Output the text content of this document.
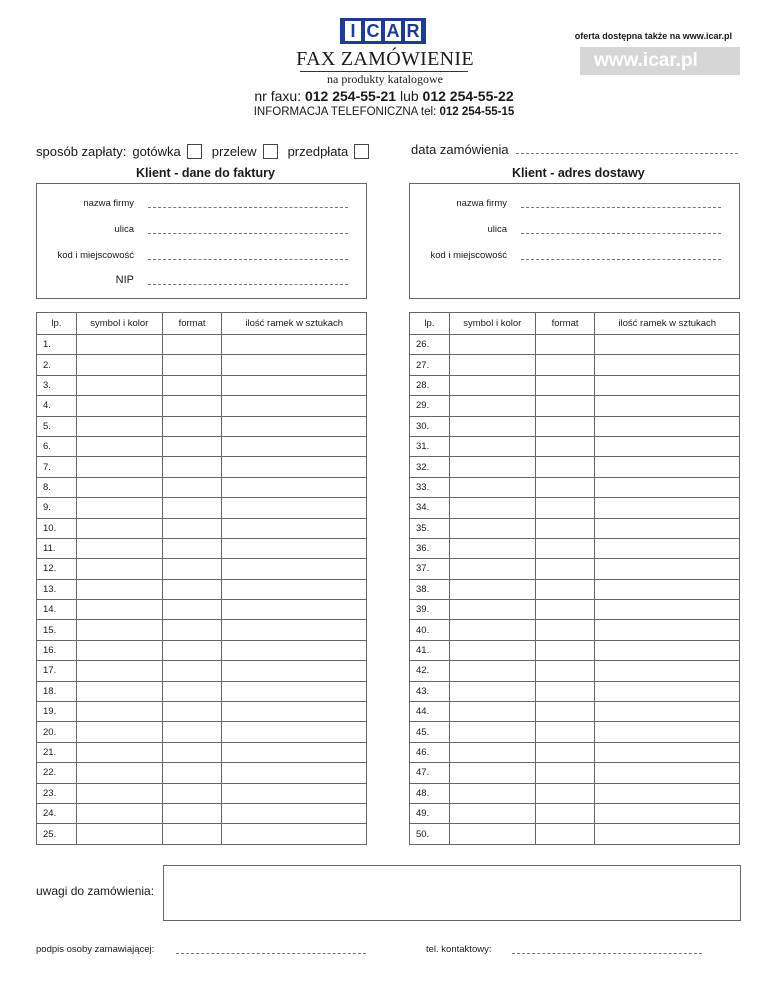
I C A R
FAX ZAMÓWIENIE
na produkty katalogowe
oferta dostępna także na www.icar.pl
www.icar.pl
nr faxu: 012 254-55-21 lub 012 254-55-22
INFORMACJA TELEFONICZNA tel: 012 254-55-15
sposób zapłaty: gotówka przelew przedpłata	data zamówienia
Klient - dane do faktury
nazwa firmy
ulica
kod i miejscowość
NIP
Klient - adres dostawy
nazwa firmy
ulica
kod i miejscowość
lp.	symbol i kolor	format	ilość ramek w sztukach
1.			
2.			
3.			
4.			
5.			
6.			
7.			
8.			
9.			
10.			
11.			
12.			
13.			
14.			
15.			
16.			
17.			
18.			
19.			
20.			
21.			
22.			
23.			
24.			
25.			
lp.	symbol i kolor	format	ilość ramek w sztukach
26.			
27.			
28.			
29.			
30.			
31.			
32.			
33.			
34.			
35.			
36.			
37.			
38.			
39.			
40.			
41.			
42.			
43.			
44.			
45.			
46.			
47.			
48.			
49.			
50.			
uwagi do zamówienia:
podpis osoby zamawiającej:	tel. kontaktowy:
